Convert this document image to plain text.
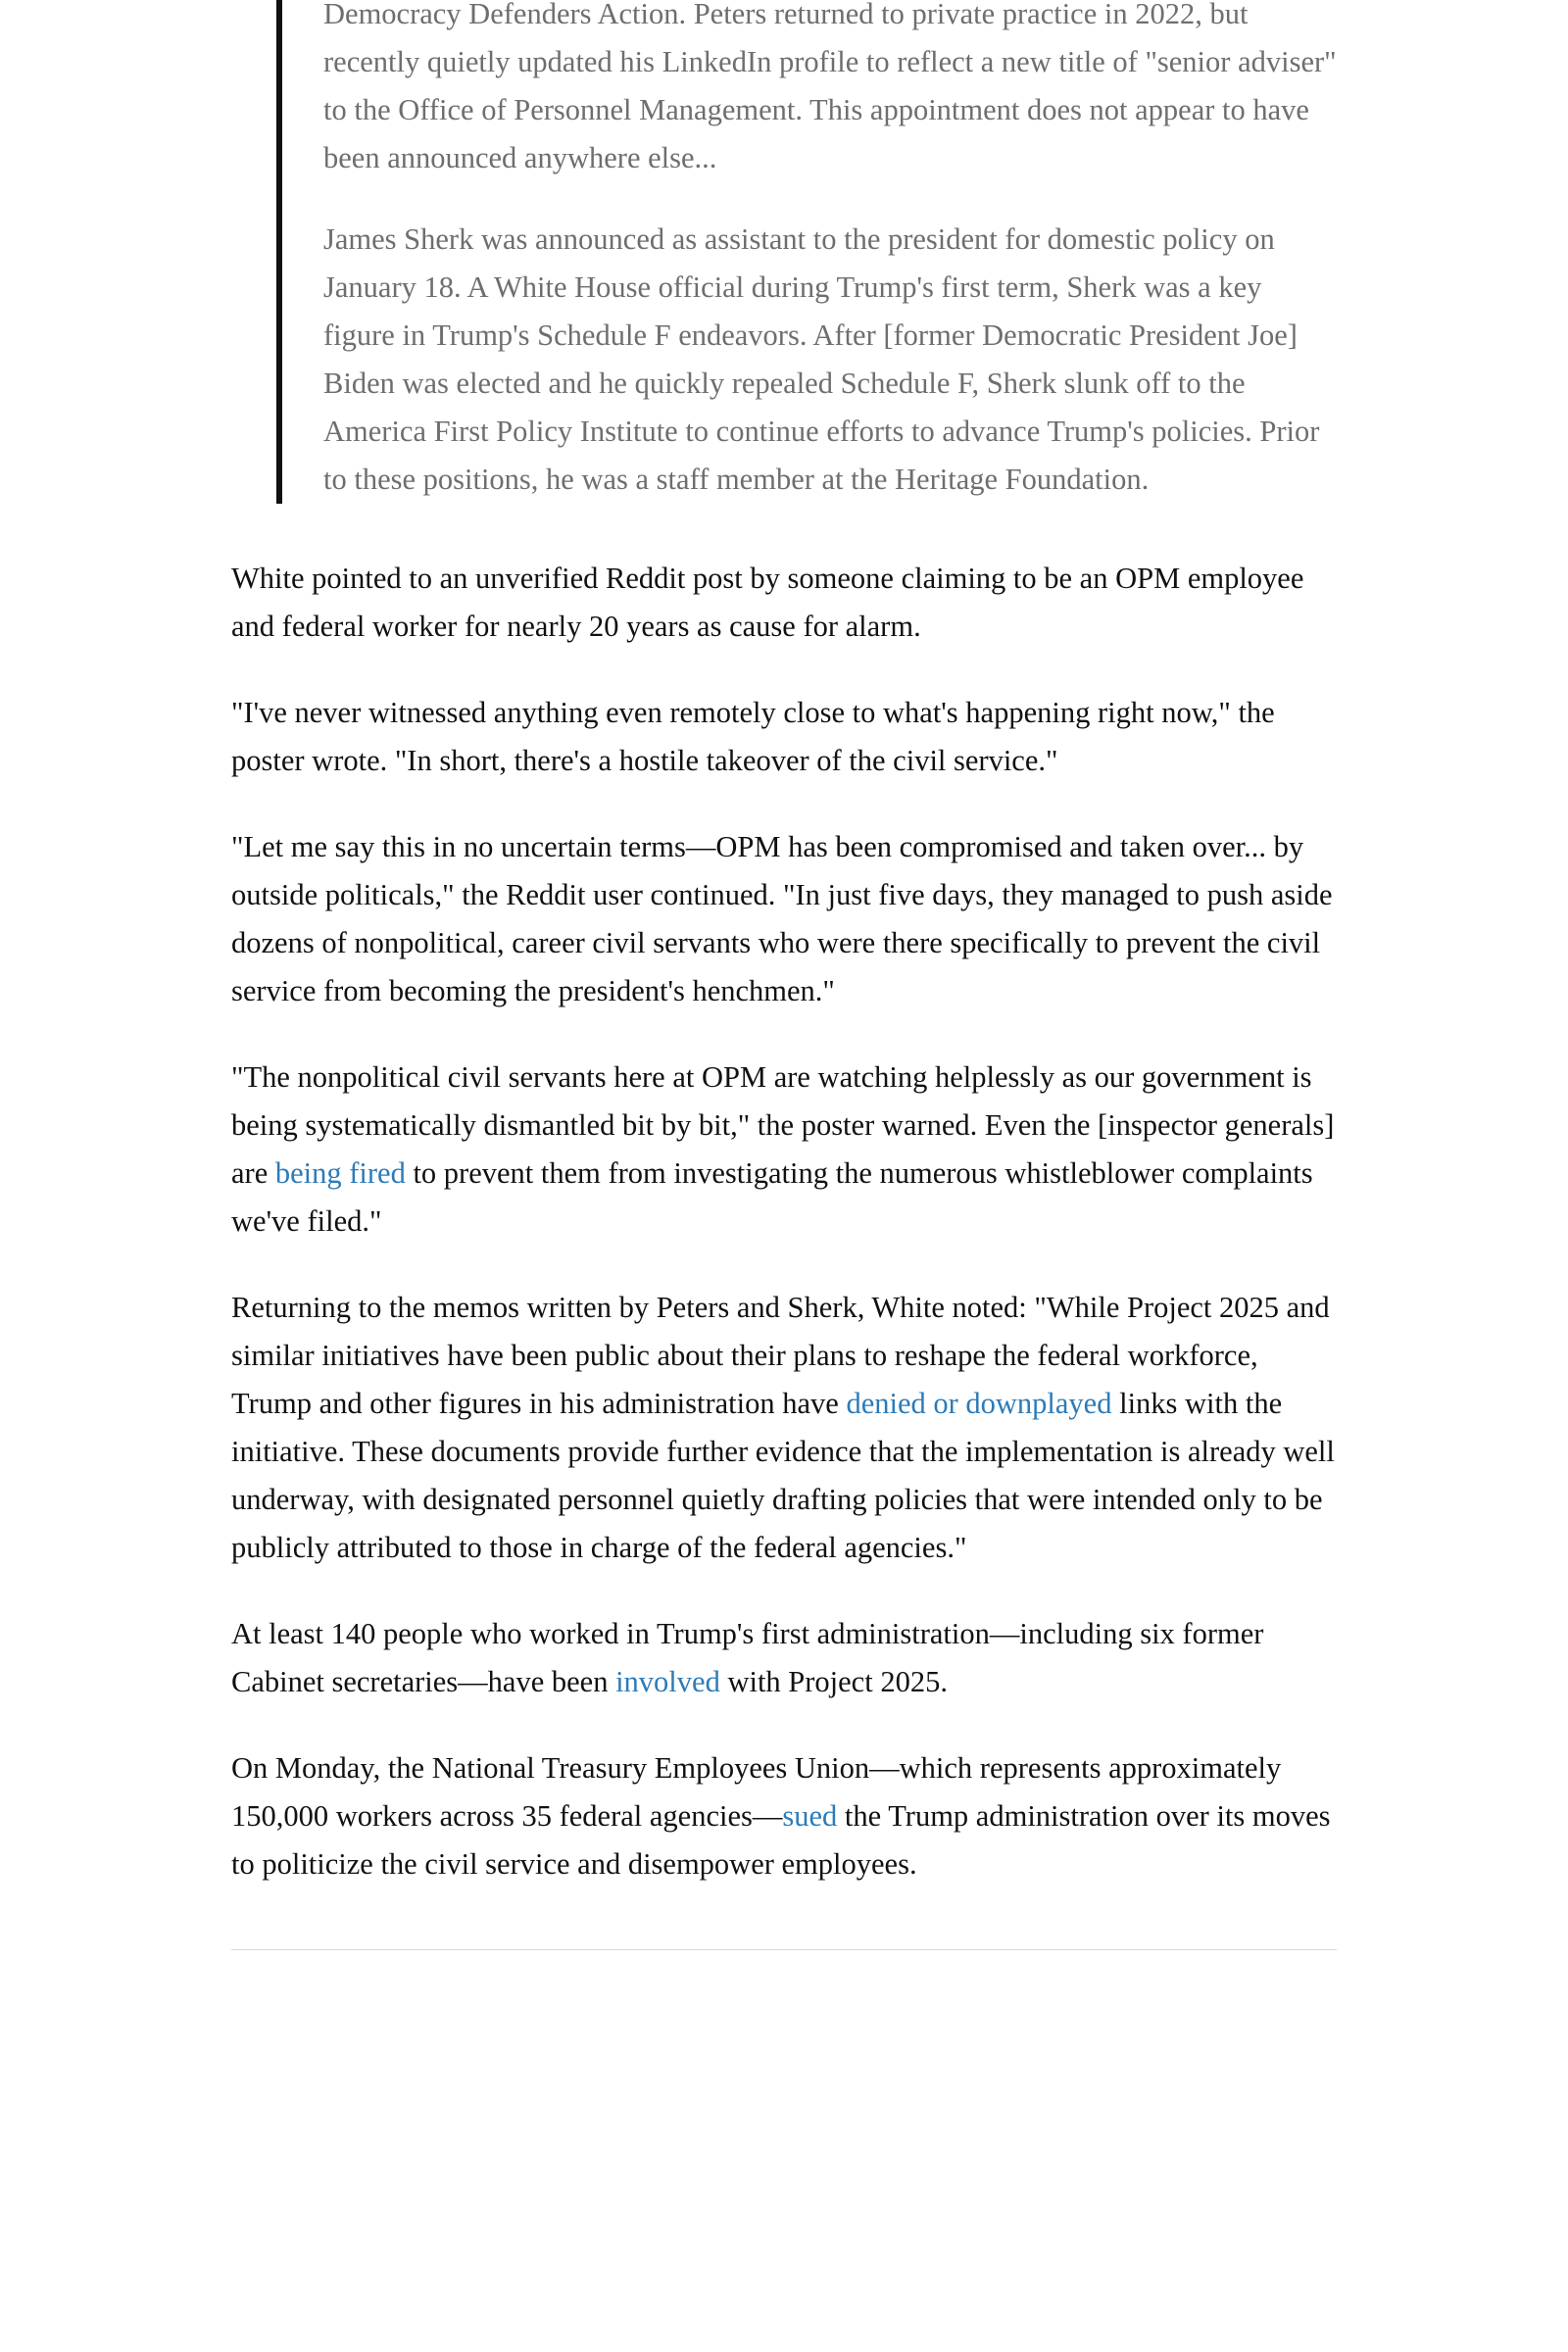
Democracy Defenders Action. Peters returned to private practice in 2022, but recently quietly updated his LinkedIn profile to reflect a new title of "senior adviser" to the Office of Personnel Management. This appointment does not appear to have been announced anywhere else...

James Sherk was announced as assistant to the president for domestic policy on January 18. A White House official during Trump's first term, Sherk was a key figure in Trump's Schedule F endeavors. After [former Democratic President Joe] Biden was elected and he quickly repealed Schedule F, Sherk slunk off to the America First Policy Institute to continue efforts to advance Trump's policies. Prior to these positions, he was a staff member at the Heritage Foundation.

White pointed to an unverified Reddit post by someone claiming to be an OPM employee and federal worker for nearly 20 years as cause for alarm.

"I've never witnessed anything even remotely close to what's happening right now," the poster wrote. "In short, there's a hostile takeover of the civil service."

"Let me say this in no uncertain terms—OPM has been compromised and taken over... by outside politicals," the Reddit user continued. "In just five days, they managed to push aside dozens of nonpolitical, career civil servants who were there specifically to prevent the civil service from becoming the president's henchmen."

"The nonpolitical civil servants here at OPM are watching helplessly as our government is being systematically dismantled bit by bit," the poster warned. Even the [inspector generals] are being fired to prevent them from investigating the numerous whistleblower complaints we've filed."

Returning to the memos written by Peters and Sherk, White noted: "While Project 2025 and similar initiatives have been public about their plans to reshape the federal workforce, Trump and other figures in his administration have denied or downplayed links with the initiative. These documents provide further evidence that the implementation is already well underway, with designated personnel quietly drafting policies that were intended only to be publicly attributed to those in charge of the federal agencies."

At least 140 people who worked in Trump's first administration—including six former Cabinet secretaries—have been involved with Project 2025.

On Monday, the National Treasury Employees Union—which represents approximately 150,000 workers across 35 federal agencies—sued the Trump administration over its moves to politicize the civil service and disempower employees.
